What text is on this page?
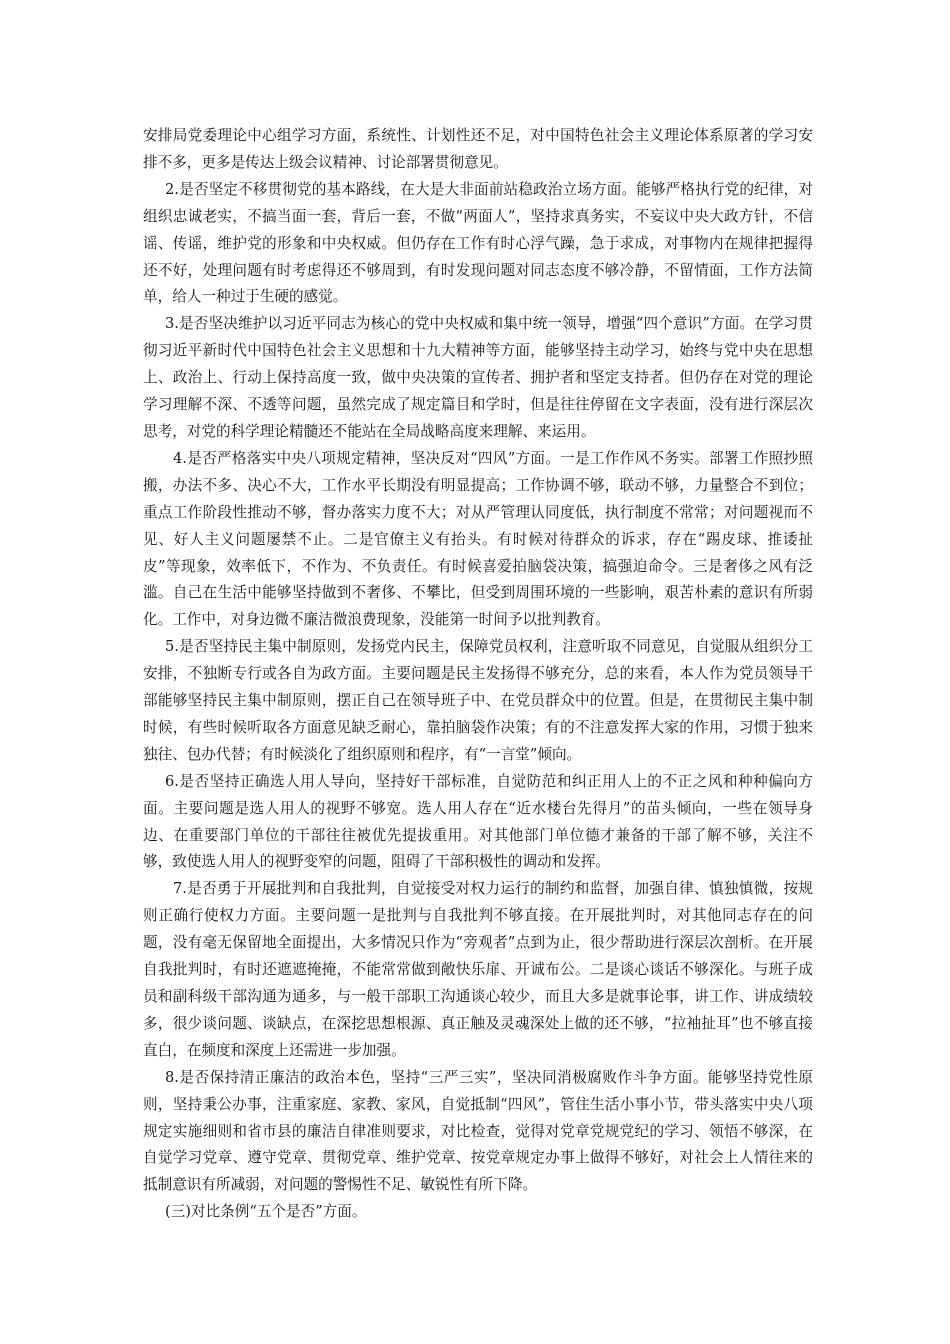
安排局党委理论中心组学习方面，系统性、计划性还不足，对中国特色社会主义理论体系原著的学习安排不多，更多是传达上级会议精神、讨论部署贯彻意见。

2.是否坚定不移贯彻党的基本路线，在大是大非面前站稳政治立场方面。能够严格执行党的纪律，对组织忠诚老实，不搞当面一套，背后一套，不做“两面人”，坚持求真务实，不妄议中央大政方针，不信谣、传谣，维护党的形象和中央权威。但仍存在工作有时心浮气躁，急于求成，对事物内在规律把握得还不好，处理问题有时考虑得还不够周到，有时发现问题对同志态度不够冷静，不留情面，工作方法简单，给人一种过于生硬的感觉。

3.是否坚决维护以习近平同志为核心的党中央权威和集中统一领导，增强“四个意识”方面。在学习贯彻习近平新时代中国特色社会主义思想和十九大精神等方面，能够坚持主动学习，始终与党中央在思想上、政治上、行动上保持高度一致，做中央决策的宣传者、拥护者和坚定支持者。但仍存在对党的理论学习理解不深、不透等问题，虽然完成了规定篇目和学时，但是往往停留在文字表面，没有进行深层次思考，对党的科学理论精髓还不能站在全局战略高度来理解、来运用。

4.是否严格落实中央八项规定精神，坚决反对“四风”方面。一是工作作风不务实。部署工作照抄照搬，办法不多、决心不大，工作水平长期没有明显提高；工作协调不够，联动不够，力量整合不到位；重点工作阶段性推动不够，督办落实力度不大；对从严管理认同度低，执行制度不常常；对问题视而不见、好人主义问题屡禁不止。二是官僚主义有抬头。有时候对待群众的诉求，存在“踢皮球、推诿扯皮”等现象，效率低下，不作为、不负责任。有时候喜爱拍脑袋决策，搞强迫命令。三是奢侈之风有泛滥。自己在生活中能够坚持做到不奢侈、不攀比，但受到周围环境的一些影响，艰苦朴素的意识有所弱化。工作中，对身边微不廉洁微浪费现象，没能第一时间予以批判教育。

5.是否坚持民主集中制原则，发扬党内民主，保障党员权利，注意听取不同意见，自觉服从组织分工安排，不独断专行或各自为政方面。主要问题是民主发扬得不够充分，总的来看，本人作为党员领导干部能够坚持民主集中制原则，摆正自己在领导班子中、在党员群众中的位置。但是，在贯彻民主集中制时候，有些时候听取各方面意见缺乏耐心，靠拍脑袋作决策；有的不注意发挥大家的作用，习惯于独来独往、包办代替；有时候淡化了组织原则和程序，有“一言堂”倾向。

6.是否坚持正确选人用人导向，坚持好干部标准，自觉防范和纠正用人上的不正之风和种种偏向方面。主要问题是选人用人的视野不够宽。选人用人存在“近水楼台先得月”的苗头倾向，一些在领导身边、在重要部门单位的干部往往被优先提拔重用。对其他部门单位德才兼备的干部了解不够，关注不够，致使选人用人的视野变窄的问题，阻碍了干部积极性的调动和发挥。

7.是否勇于开展批判和自我批判，自觉接受对权力运行的制约和监督，加强自律、慎独慎微，按规则正确行使权力方面。主要问题一是批判与自我批判不够直接。在开展批判时，对其他同志存在的问题，没有毫无保留地全面提出，大多情况只作为“旁观者”点到为止，很少帮助进行深层次剖析。在开展自我批判时，有时还遮遮掩掩，不能常常做到敞快乐扉、开诚布公。二是谈心谈话不够深化。与班子成员和副科级干部沟通为通多，与一般干部职工沟通谈心较少，而且大多是就事论事，讲工作、讲成绩较多，很少谈问题、谈缺点，在深挖思想根源、真正触及灵魂深处上做的还不够，“拉袖扯耳”也不够直接直白，在频度和深度上还需进一步加强。

8.是否保持清正廉洁的政治本色，坚持“三严三实”，坚决同消极腐败作斗争方面。能够坚持党性原则，坚持秉公办事，注重家庭、家教、家风，自觉抵制“四风”，管住生活小事小节，带头落实中央八项规定实施细则和省市县的廉洁自律准则要求，对比检查，觉得对党章党规党纪的学习、领悟不够深，在自觉学习党章、遵守党章、贯彻党章、维护党章、按党章规定办事上做得不够好，对社会上人情往来的抵制意识有所减弱，对问题的警惕性不足、敏锐性有所下降。

(三)对比条例“五个是否”方面。
